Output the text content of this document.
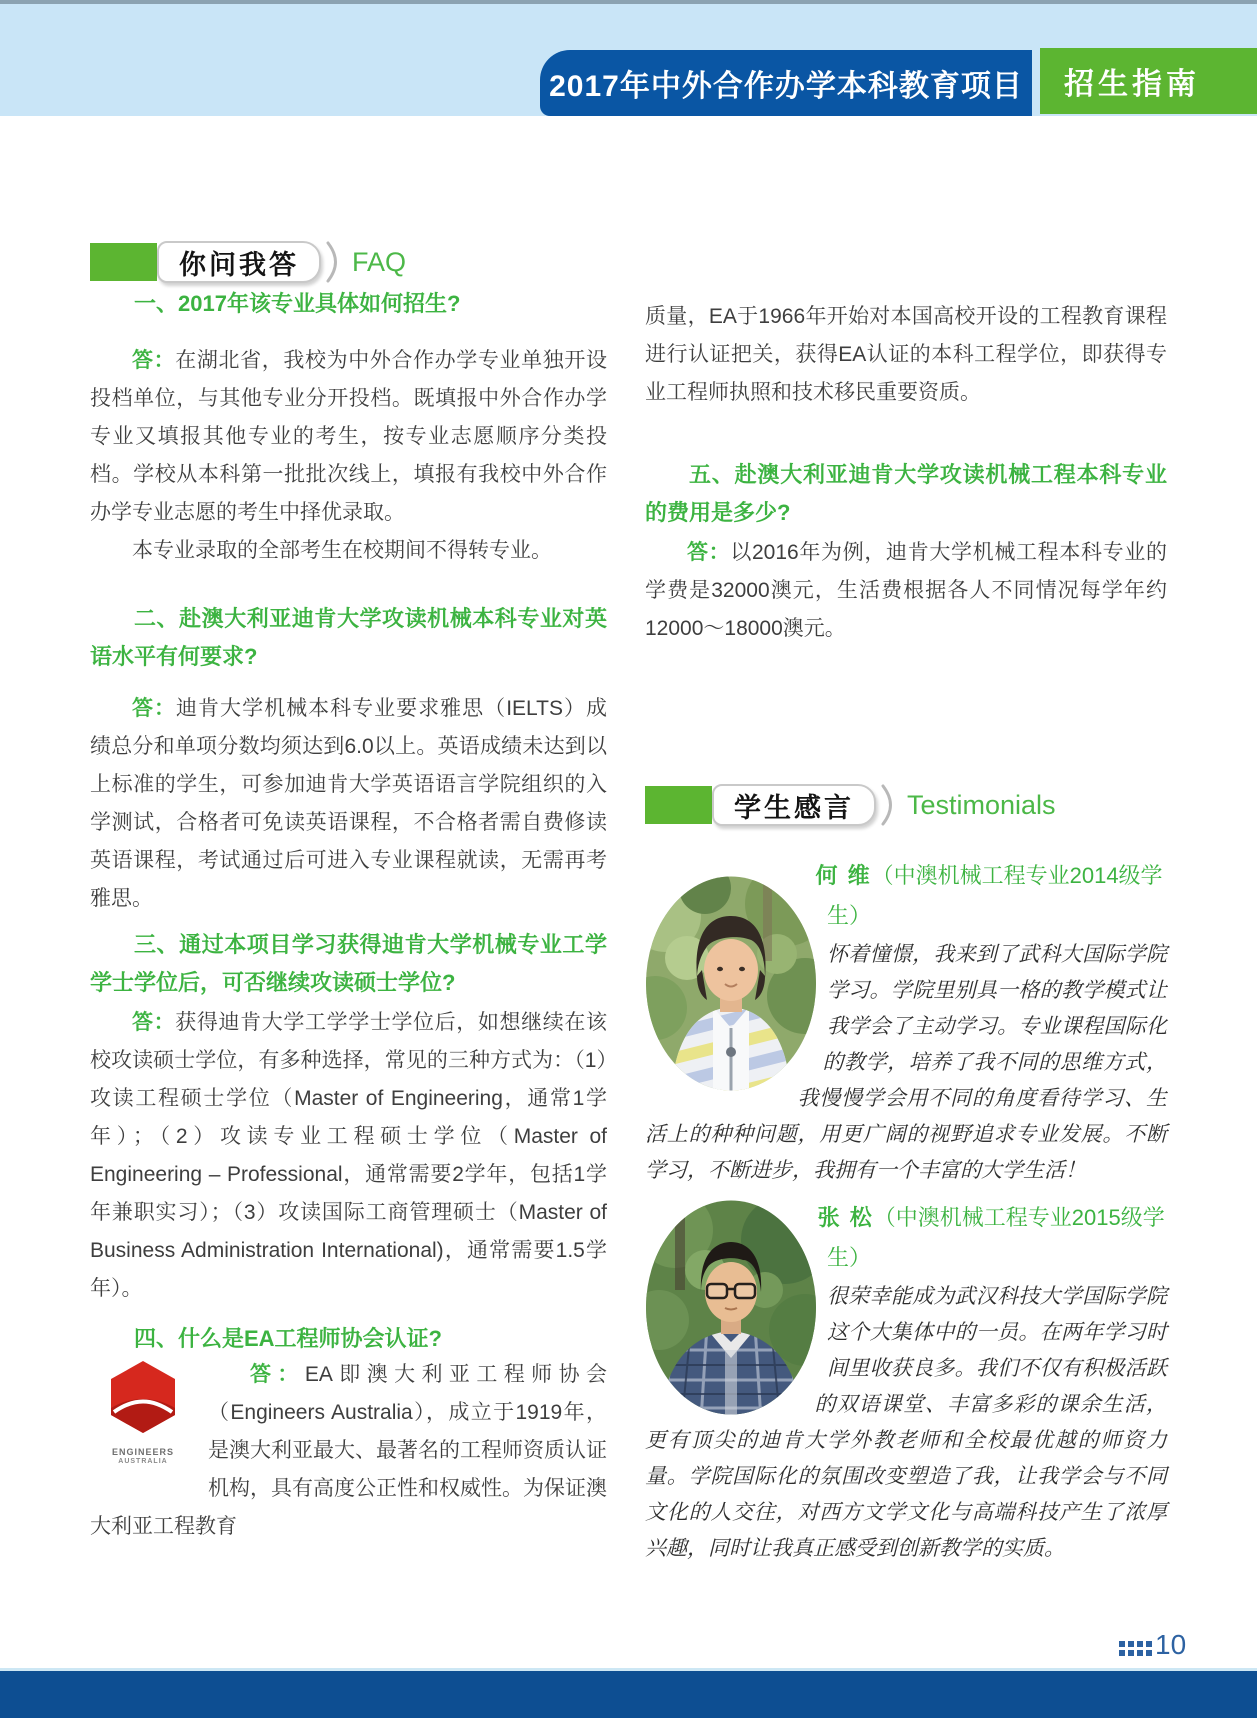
2017年中外合作办学本科教育项目 招生指南
你问我答	FAQ

一、2017年该专业具体如何招生?

答：在湖北省，我校为中外合作办学专业单独开设投档单位，与其他专业分开投档。既填报中外合作办学专业又填报其他专业的考生，按专业志愿顺序分类投档。学校从本科第一批批次线上，填报有我校中外合作办学专业志愿的考生中择优录取。

本专业录取的全部考生在校期间不得转专业。

二、赴澳大利亚迪肯大学攻读机械本科专业对英语水平有何要求?

答：迪肯大学机械本科专业要求雅思（IELTS）成绩总分和单项分数均须达到6.0以上。英语成绩未达到以上标准的学生，可参加迪肯大学英语语言学院组织的入学测试，合格者可免读英语课程，不合格者需自费修读英语课程，考试通过后可进入专业课程就读，无需再考雅思。

三、通过本项目学习获得迪肯大学机械专业工学学士学位后，可否继续攻读硕士学位?

答：获得迪肯大学工学学士学位后，如想继续在该校攻读硕士学位，有多种选择，常见的三种方式为：（1）攻读工程硕士学位（Master of Engineering，通常1学年）；（2）攻读专业工程硕士学位（Master of Engineering – Professional，通常需要2学年，包括1学年兼职实习）；（3）攻读国际工商管理硕士（Master of Business Administration International)，通常需要1.5学年）。

四、什么是EA工程师协会认证?

ENGINEERS
AUSTRALIA

答：EA即澳大利亚工程师协会（Engineers Australia），成立于1919年，是澳大利亚最大、最著名的工程师资质认证机构，具有高度公正性和权威性。为保证澳大利亚工程教育

质量，EA于1966年开始对本国高校开设的工程教育课程进行认证把关，获得EA认证的本科工程学位，即获得专业工程师执照和技术移民重要资质。

五、赴澳大利亚迪肯大学攻读机械工程本科专业的费用是多少?

答：以2016年为例，迪肯大学机械工程本科专业的学费是32000澳元，生活费根据各人不同情况每学年约12000～18000澳元。

学生感言	Testimonials

何 维（中澳机械工程专业2014级学生）

怀着憧憬，我来到了武科大国际学院学习。学院里别具一格的教学模式让我学会了主动学习。专业课程国际化的教学，培养了我不同的思维方式，我慢慢学会用不同的角度看待学习、生活上的种种问题，用更广阔的视野追求专业发展。不断学习，不断进步，我拥有一个丰富的大学生活！

张 松（中澳机械工程专业2015级学生）

很荣幸能成为武汉科技大学国际学院这个大集体中的一员。在两年学习时间里收获良多。我们不仅有积极活跃的双语课堂、丰富多彩的课余生活，更有顶尖的迪肯大学外教老师和全校最优越的师资力量。学院国际化的氛围改变塑造了我，让我学会与不同文化的人交往，对西方文学文化与高端科技产生了浓厚兴趣，同时让我真正感受到创新教学的实质。

10
